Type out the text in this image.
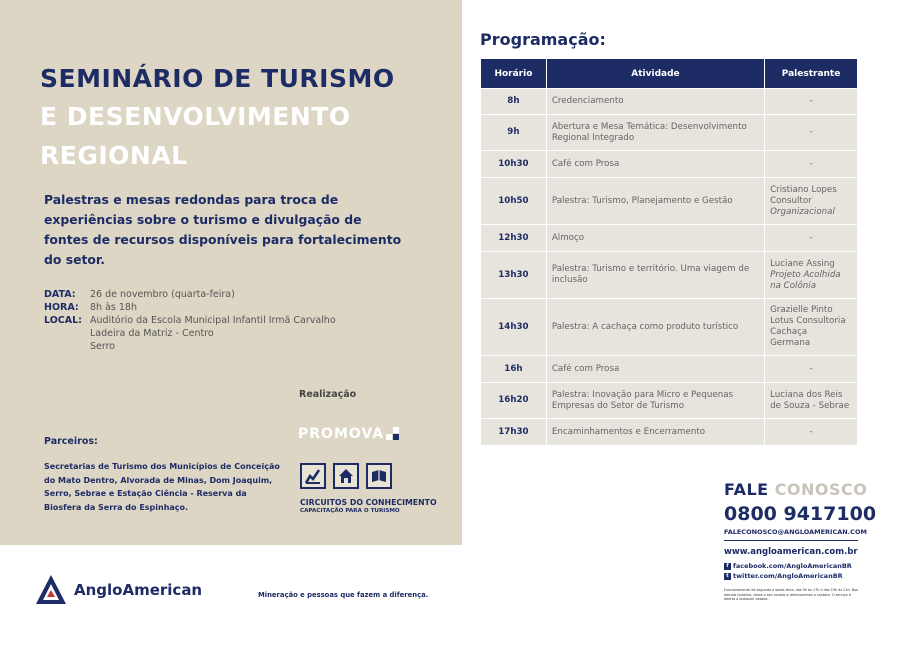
SEMINÁRIO DE TURISMO
E DESENVOLVIMENTO
REGIONAL
Palestras e mesas redondas para troca de experiências sobre o turismo e divulgação de fontes de recursos disponíveis para fortalecimento do setor.
DATA:	26 de novembro (quarta-feira)
HORA:	8h às 18h
LOCAL: Auditório da Escola Municipal Infantil Irmã Carvalho
Ladeira da Matriz - Centro
Serro
Realização
PROMOVA
CIRCUITOS DO CONHECIMENTO
CAPACITAÇÃO PARA O TURISMO
Parceiros:
Secretarias de Turismo dos Municípios de Conceição do Mato Dentro, Alvorada de Minas, Dom Joaquim, Serro, Sebrae e Estação Ciência - Reserva da Biosfera da Serra do Espinhaço.
AngloAmerican	Mineração e pessoas que fazem a diferença.
Programação:

Horário	Atividade	Palestrante
8h	Credenciamento	-
9h	Abertura e Mesa Temática: Desenvolvimento Regional Integrado	-
10h30	Café com Prosa	-
10h50	Palestra: Turismo, Planejamento e Gestão	Cristiano Lopes
Consultor
Organizacional

12h30	Almoço	-
13h30	Palestra: Turismo e território. Uma viagem de inclusão	Luciane Assing
Projeto Acolhida
na Colônia

14h30	Palestra: A cachaça como produto turístico	Grazielle Pinto
Lotus Consultoria
Cachaça
Germana

16h	Café com Prosa	-
16h20	Palestra: Inovação para Micro e Pequenas Empresas do Setor de Turismo	Luciana dos Reis
de Souza - Sebrae

17h30	Encaminhamentos e Encerramento	-
FALE CONOSCO
0800 9417100
FALECONOSCO@ANGLOAMERICAN.COM
www.angloamerican.com.br
f facebook.com/AngloAmericanBR
t twitter.com/AngloAmericanBR
Funcionamento de segunda a sexta-feira, das 9h às 17h e das 19h às 21h. Nos demais horários, deixe o seu recado e retornaremos o contato. O serviço é aberto a qualquer pessoa.
